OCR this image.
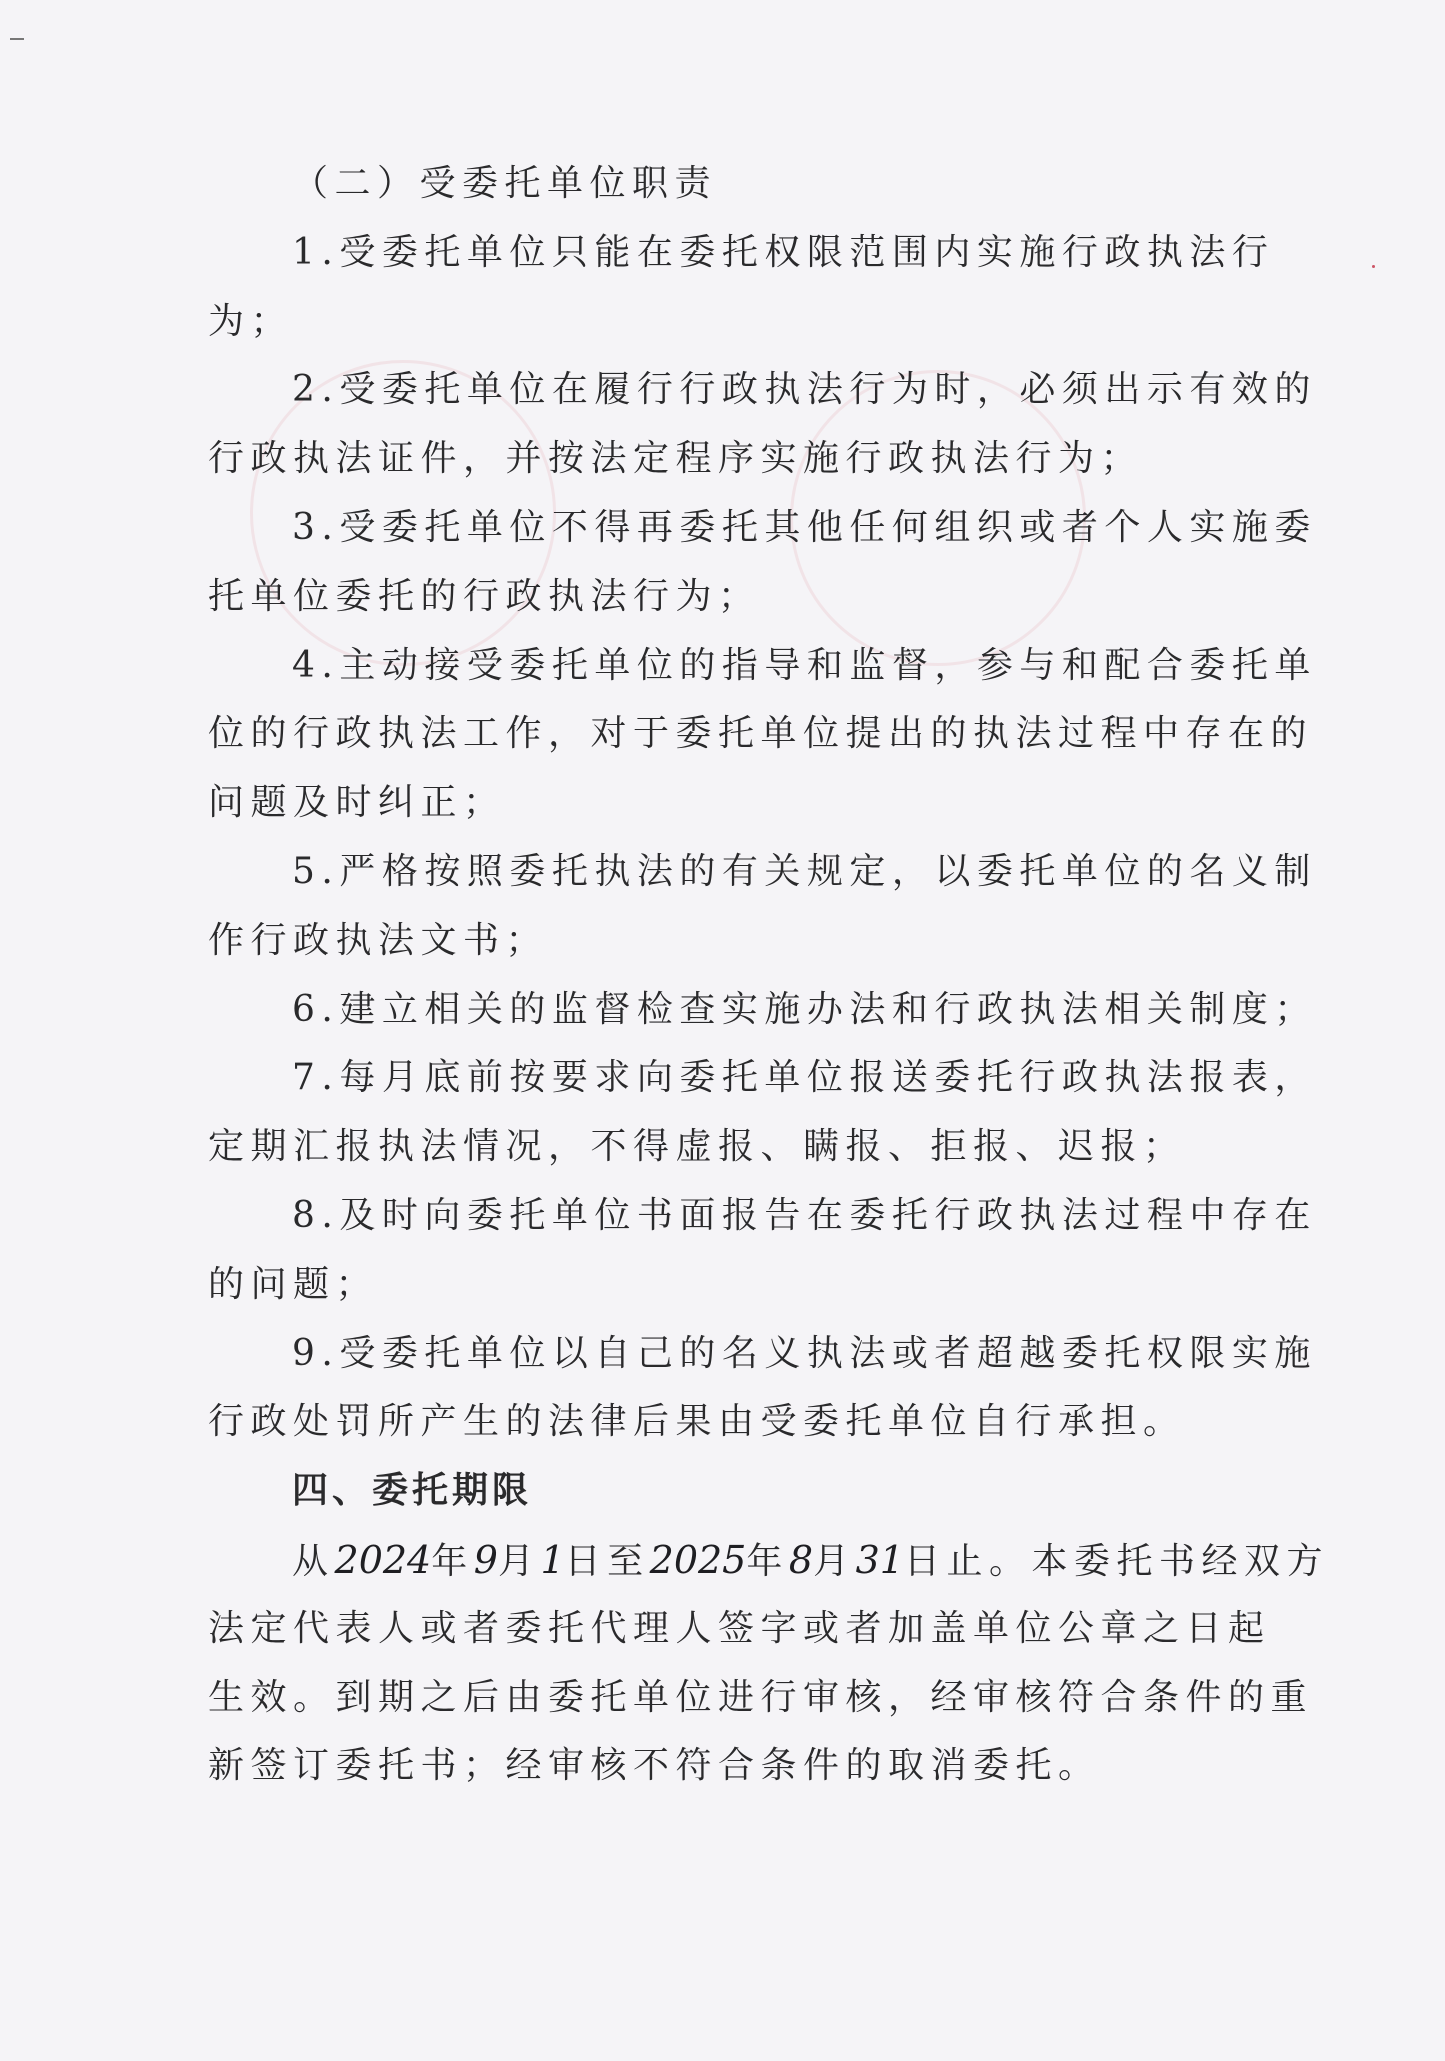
（二）受委托单位职责
1.受委托单位只能在委托权限范围内实施行政执法行
为；
2.受委托单位在履行行政执法行为时，必须出示有效的
行政执法证件，并按法定程序实施行政执法行为；
3.受委托单位不得再委托其他任何组织或者个人实施委
托单位委托的行政执法行为；
4.主动接受委托单位的指导和监督，参与和配合委托单
位的行政执法工作，对于委托单位提出的执法过程中存在的
问题及时纠正；
5.严格按照委托执法的有关规定，以委托单位的名义制
作行政执法文书；
6.建立相关的监督检查实施办法和行政执法相关制度；
7.每月底前按要求向委托单位报送委托行政执法报表，
定期汇报执法情况，不得虚报、瞒报、拒报、迟报；
8.及时向委托单位书面报告在委托行政执法过程中存在
的问题；
9.受委托单位以自己的名义执法或者超越委托权限实施
行政处罚所产生的法律后果由受委托单位自行承担。
四、委托期限
从2024年9月1日至2025年8月31日止。本委托书经双方
法定代表人或者委托代理人签字或者加盖单位公章之日起
生效。到期之后由委托单位进行审核，经审核符合条件的重
新签订委托书；经审核不符合条件的取消委托。
